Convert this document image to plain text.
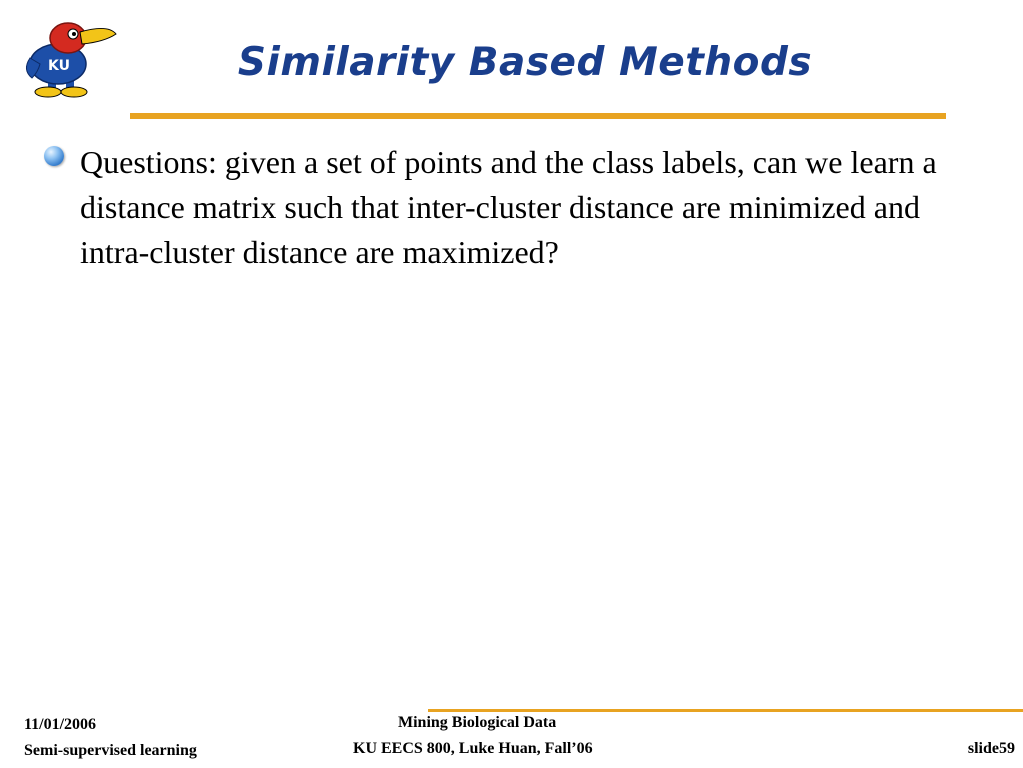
KU	Similarity Based Methods
Questions: given a set of points and the class labels, can we learn a distance matrix such that inter-cluster distance are minimized and intra-cluster distance are maximized?
11/01/2006
Semi-supervised learning
Mining Biological Data
KU EECS 800, Luke Huan, Fall’06	slide59
